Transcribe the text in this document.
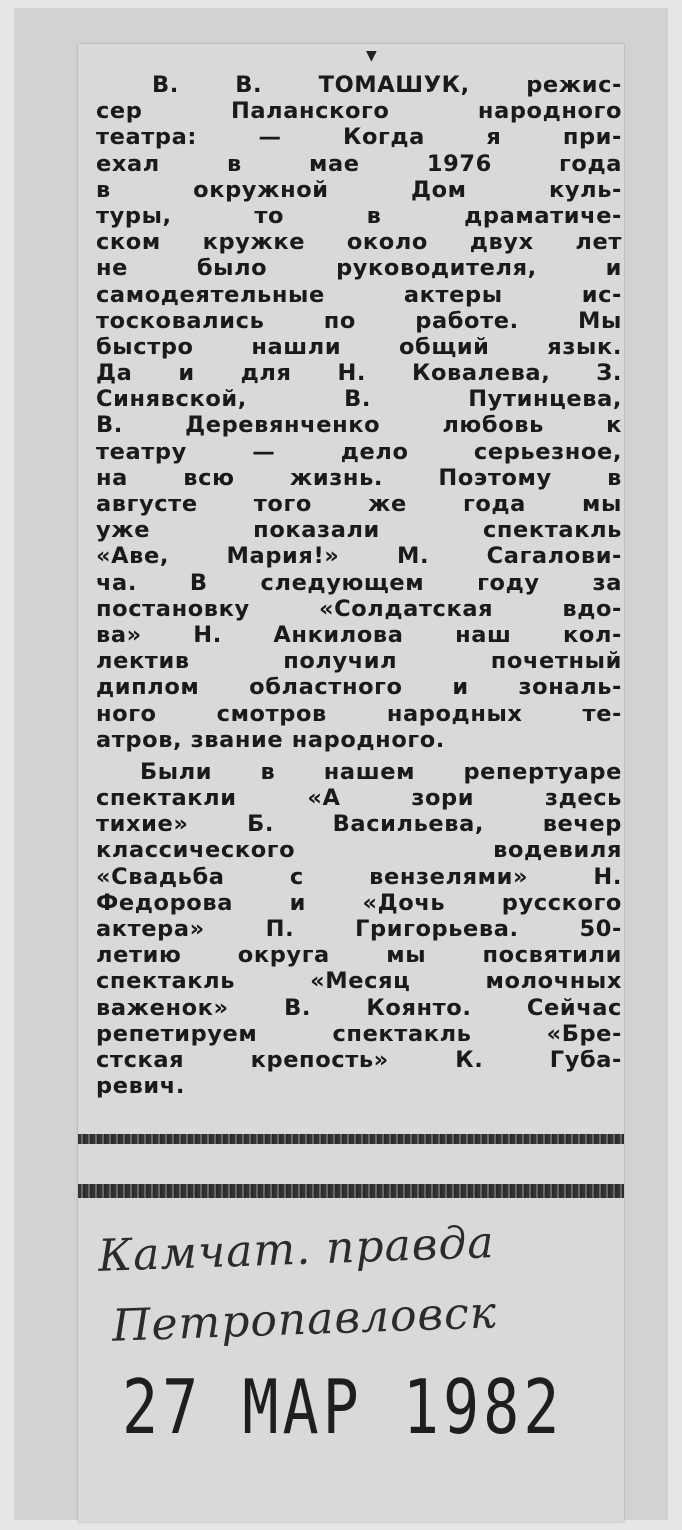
▼
В. В. ТОМАШУК, режис-
сер Паланского народного
театра: — Когда я при-
ехал в мае 1976 года
в окружной Дом куль-
туры, то в драматиче-
ском кружке около двух лет
не было руководителя, и
самодеятельные актеры ис-
тосковались по работе. Мы
быстро нашли общий язык.
Да и для Н. Ковалева, З.
Синявской, В. Путинцева,
В. Деревянченко любовь к
театру — дело серьезное,
на всю жизнь. Поэтому в
августе того же года мы
уже показали спектакль
«Аве, Мария!» М. Сагалови-
ча. В следующем году за
постановку «Солдатская вдо-
ва» Н. Анкилова наш кол-
лектив получил почетный
диплом областного и зональ-
ного смотров народных те-
атров, звание народного.
Были в нашем репертуаре
спектакли «А зори здесь
тихие» Б. Васильева, вечер
классического водевиля
«Свадьба с вензелями» Н.
Федорова и «Дочь русского
актера» П. Григорьева. 50-
летию округа мы посвятили
спектакль «Месяц молочных
важенок» В. Коянто. Сейчас
репетируем спектакль «Бре-
стская крепость» К. Губа-
ревич.
Камчат. правда
Петропавловск
27 МАР 1982
